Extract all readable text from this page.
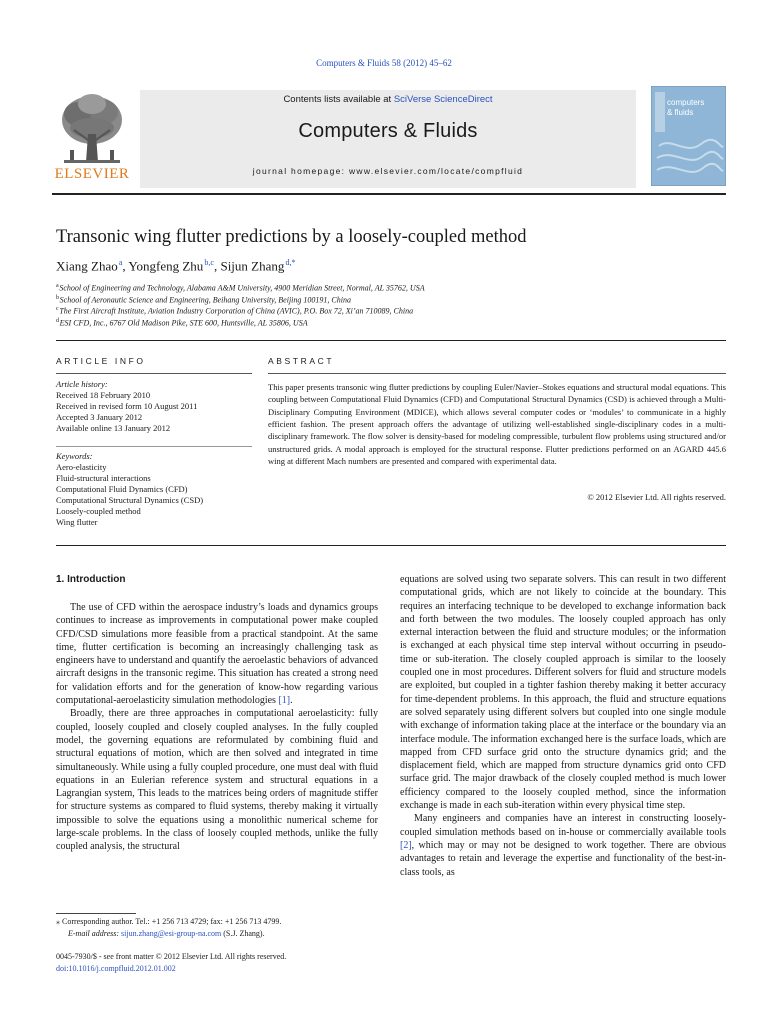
Computers & Fluids 58 (2012) 45–62
ELSEVIER
Contents lists available at SciVerse ScienceDirect
Computers & Fluids
journal homepage: www.elsevier.com/locate/compfluid
computers
& fluids
Transonic wing flutter predictions by a loosely-coupled method
Xiang Zhao $^a$, Yongfeng Zhu $^{b,c}$, Sijun Zhang $^{d,*}$
$^a$ School of Engineering and Technology, Alabama A&M University, 4900 Meridian Street, Normal, AL 35762, USA
$^b$ School of Aeronautic Science and Engineering, Beihang University, Beijing 100191, China
$^c$ The First Aircraft Institute, Aviation Industry Corporation of China (AVIC), P.O. Box 72, Xi’an 710089, China
$^d$ ESI CFD, Inc., 6767 Old Madison Pike, STE 600, Huntsville, AL 35806, USA
ARTICLE INFO
Article history:
Received 18 February 2010
Received in revised form 10 August 2011
Accepted 3 January 2012
Available online 13 January 2012
Keywords:
Aero-elasticity
Fluid-structural interactions
Computational Fluid Dynamics (CFD)
Computational Structural Dynamics (CSD)
Loosely-coupled method
Wing flutter
ABSTRACT
This paper presents transonic wing flutter predictions by coupling Euler/Navier–Stokes equations and structural modal equations. This coupling between Computational Fluid Dynamics (CFD) and Computational Structural Dynamics (CSD) is achieved through a Multi-Disciplinary Computing Environment (MDICE), which allows several computer codes or ‘modules’ to communicate in a highly efficient fashion. The present approach offers the advantage of utilizing well-established single-disciplinary codes in a multi-disciplinary framework. The flow solver is density-based for modeling compressible, turbulent flow problems using structured and/or unstructured grids. A modal approach is employed for the structural response. Flutter predictions performed on an AGARD 445.6 wing at different Mach numbers are presented and compared with experimental data.
© 2012 Elsevier Ltd. All rights reserved.
1. Introduction

The use of CFD within the aerospace industry’s loads and dynamics groups continues to increase as improvements in computational power make coupled CFD/CSD simulations more feasible from a practical standpoint. At the same time, flutter certification is becoming an increasingly challenging task as engineers have to understand and quantify the aeroelastic behaviors of advanced aircraft designs in the transonic regime. This situation has created a strong need for validation efforts and for the generation of know-how regarding various computational-aeroelasticity simulation methodologies [1].

Broadly, there are three approaches in computational aeroelasticity: fully coupled, loosely coupled and closely coupled analyses. In the fully coupled model, the governing equations are reformulated by combining fluid and structural equations of motion, which are then solved and integrated in time simultaneously. While using a fully coupled procedure, one must deal with fluid equations in an Eulerian reference system and structural equations in a Lagrangian system, This leads to the matrices being orders of magnitude stiffer for structure systems as compared to fluid systems, thereby making it virtually impossible to solve the equations using a monolithic numerical scheme for large-scale problems. In the class of loosely coupled methods, unlike the fully coupled analysis, the structural

equations are solved using two separate solvers. This can result in two different computational grids, which are not likely to coincide at the boundary. This requires an interfacing technique to be developed to exchange information back and forth between the two modules. The loosely coupled approach has only external interaction between the fluid and structure modules; or the information is exchanged at each physical time step interval without occurring in pseudo-time or sub-iteration. The closely coupled approach is similar to the loosely coupled one in most procedures. Different solvers for fluid and structure models are exploited, but coupled in a tighter fashion thereby making it better accuracy for time-dependent problems. In this approach, the fluid and structure equations are solved separately using different solvers but coupled into one single module with exchange of information taking place at the interface or the boundary via an interface module. The information exchanged here is the surface loads, which are mapped from CFD surface grid onto the structure dynamics grid; and the displacement field, which are mapped from structure dynamics grid onto CFD surface grid. The major drawback of the closely coupled method is much lower efficiency compared to the loosely coupled method, since the information exchange is made in each sub-iteration within every physical time step.

Many engineers and companies have an interest in constructing loosely-coupled simulation methods based on in-house or commercially available tools [2], which may or may not be designed to work together. There are obvious advantages to retain and leverage the expertise and functionality of the best-in-class tools, as

⁎ Corresponding author. Tel.: +1 256 713 4729; fax: +1 256 713 4799.
E-mail address: sijun.zhang@esi-group-na.com (S.J. Zhang).
0045-7930/$ - see front matter © 2012 Elsevier Ltd. All rights reserved.
doi:10.1016/j.compfluid.2012.01.002
